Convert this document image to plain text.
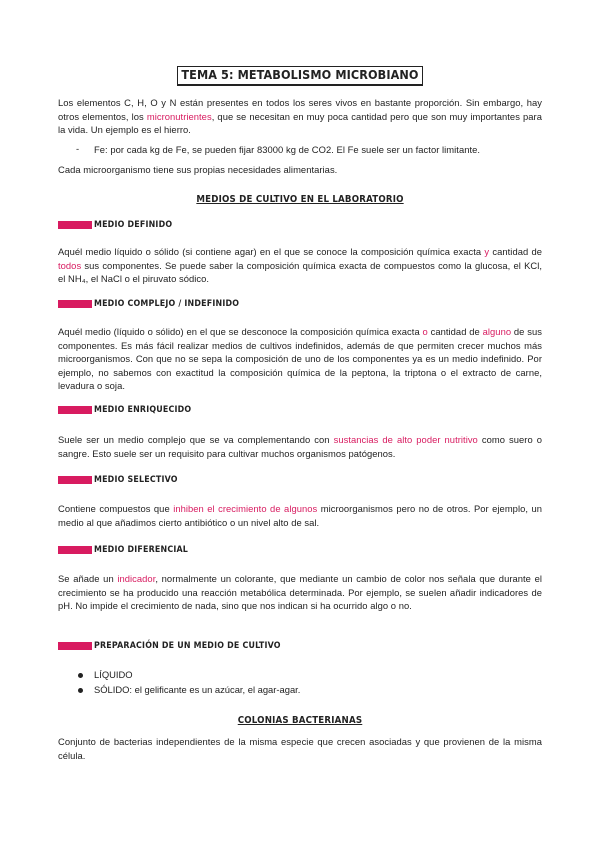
TEMA 5: METABOLISMO MICROBIANO

Los elementos C, H, O y N están presentes en todos los seres vivos en bastante proporción. Sin embargo, hay otros elementos, los micronutrientes, que se necesitan en muy poca cantidad pero que son muy importantes para la vida. Un ejemplo es el hierro.

- Fe: por cada kg de Fe, se pueden fijar 83000 kg de CO2. El Fe suele ser un factor limitante.

Cada microorganismo tiene sus propias necesidades alimentarias.

MEDIOS DE CULTIVO EN EL LABORATORIO
MEDIO DEFINIDO

Aquél medio líquido o sólido (si contiene agar) en el que se conoce la composición química exacta y cantidad de todos sus componentes. Se puede saber la composición química exacta de compuestos como la glucosa, el KCl, el NH₄, el NaCl o el piruvato sódico.

MEDIO COMPLEJO / INDEFINIDO

Aquél medio (líquido o sólido) en el que se desconoce la composición química exacta o cantidad de alguno de sus componentes. Es más fácil realizar medios de cultivos indefinidos, además de que permiten crecer muchos más microorganismos. Con que no se sepa la composición de uno de los componentes ya es un medio indefinido. Por ejemplo, no sabemos con exactitud la composición química de la peptona, la triptona o el extracto de carne, levadura o soja.

MEDIO ENRIQUECIDO

Suele ser un medio complejo que se va complementando con sustancias de alto poder nutritivo como suero o sangre. Esto suele ser un requisito para cultivar muchos organismos patógenos.

MEDIO SELECTIVO

Contiene compuestos que inhiben el crecimiento de algunos microorganismos pero no de otros. Por ejemplo, un medio al que añadimos cierto antibiótico o un nivel alto de sal.

MEDIO DIFERENCIAL

Se añade un indicador, normalmente un colorante, que mediante un cambio de color nos señala que durante el crecimiento se ha producido una reacción metabólica determinada. Por ejemplo, se suelen añadir indicadores de pH. No impide el crecimiento de nada, sino que nos indican si ha ocurrido algo o no.

PREPARACIÓN DE UN MEDIO DE CULTIVO
LÍQUIDO
SÓLIDO: el gelificante es un azúcar, el agar-agar.
COLONIAS BACTERIANAS

Conjunto de bacterias independientes de la misma especie que crecen asociadas y que provienen de la misma célula.
